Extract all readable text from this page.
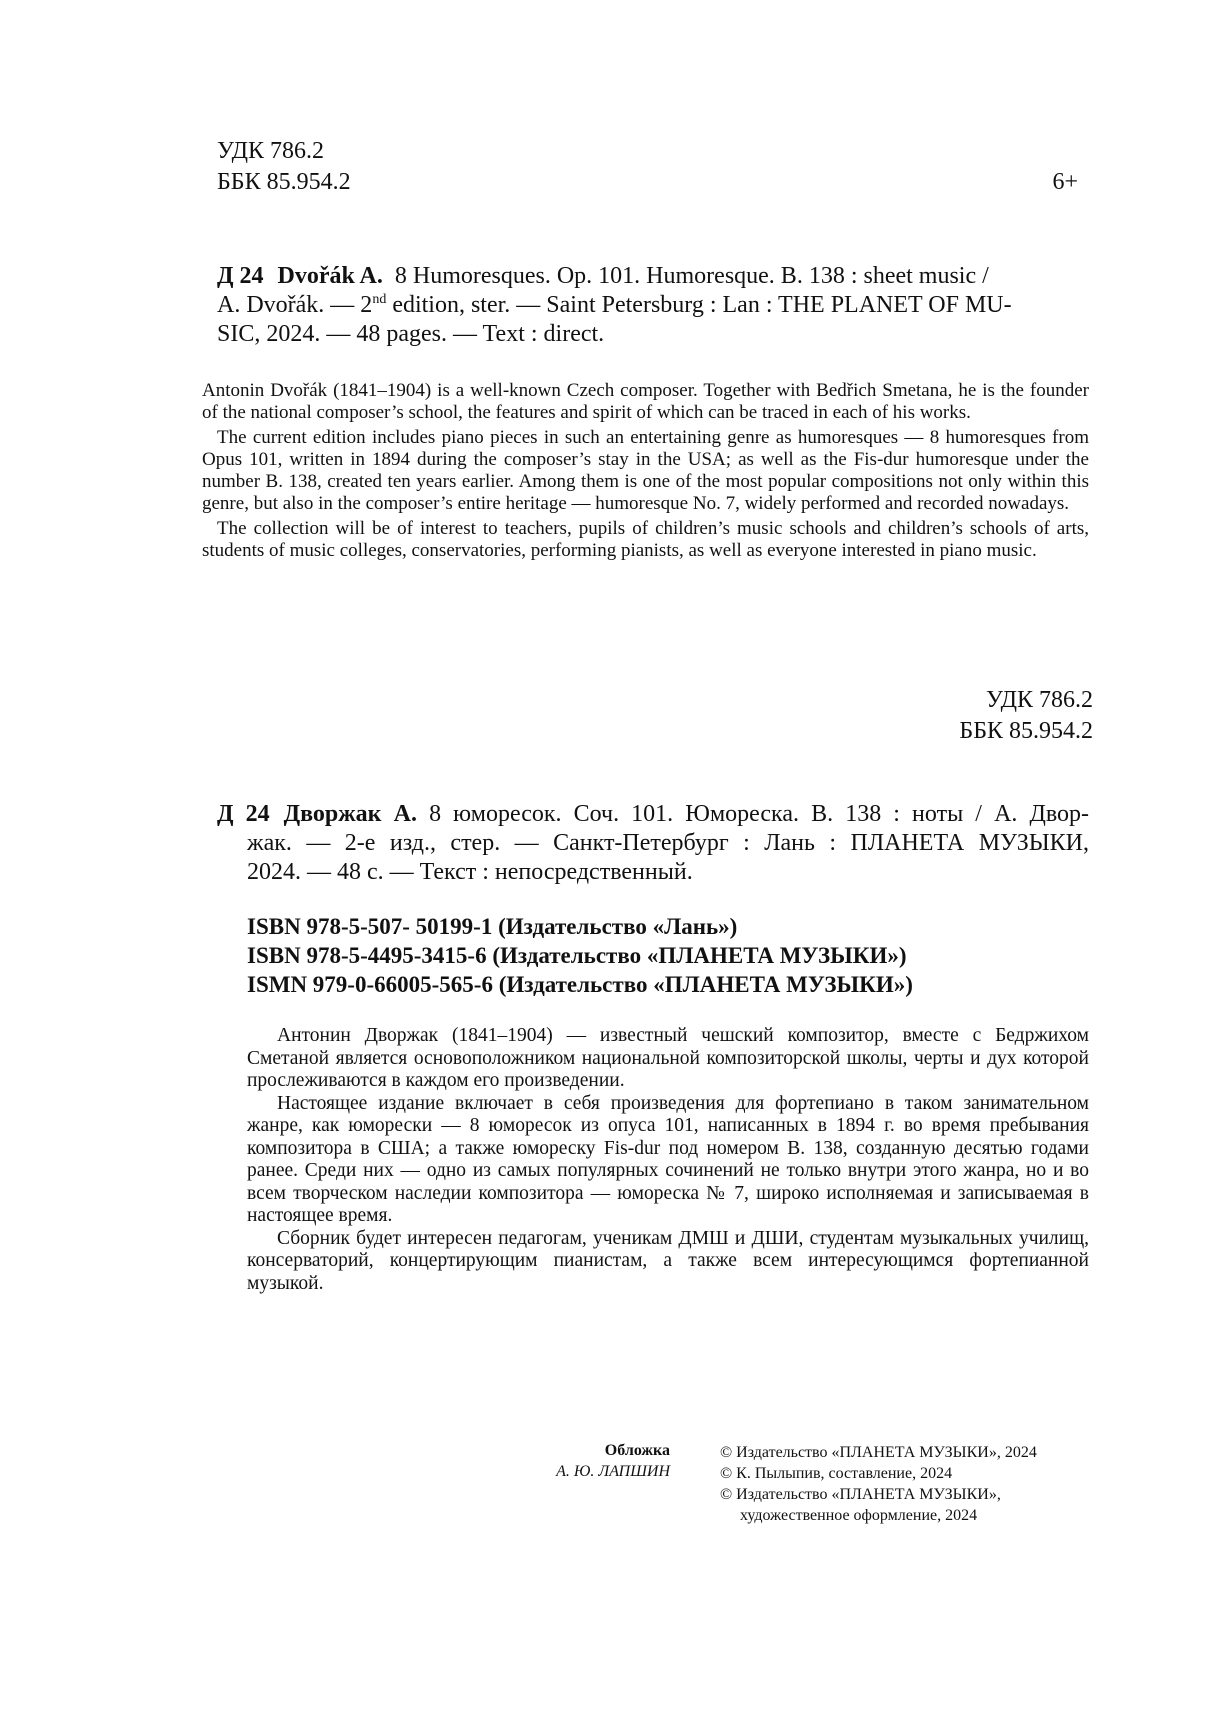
УДК 786.2
ББК 85.954.2	6+
Д 24 Dvořák A. 8 Humoresques. Op. 101. Humoresque. B. 138 : sheet music /
A. Dvořák. — 2nd edition, ster. — Saint Petersburg : Lan : THE PLANET OF MU-
SIC, 2024. — 48 pages. — Text : direct.

Antonin Dvořák (1841–1904) is a well-known Czech composer. Together with Bedřich Smetana, he is the founder of the national composer’s school, the features and spirit of which can be traced in each of his works.

The current edition includes piano pieces in such an entertaining genre as humoresques — 8 humoresques from Opus 101, written in 1894 during the composer’s stay in the USA; as well as the Fis-dur humoresque under the number B. 138, created ten years earlier. Among them is one of the most popular compositions not only within this genre, but also in the composer’s entire heritage — humoresque No. 7, widely performed and recorded nowadays.

The collection will be of interest to teachers, pupils of children’s music schools and children’s schools of arts, students of music colleges, conservatories, performing pianists, as well as everyone interested in piano music.

УДК 786.2
ББК 85.954.2
Д 24 Дворжак А. 8 юморесок. Соч. 101. Юмореска. B. 138 : ноты / А. Двор-
жак. — 2-е изд., стер. — Санкт-Петербург : Лань : ПЛАНЕТА МУЗЫКИ,
2024. — 48 с. — Текст : непосредственный.
ISBN 978-5-507- 50199-1 (Издательство «Лань»)
ISBN 978-5-4495-3415-6 (Издательство «ПЛАНЕТА МУЗЫКИ»)
ISMN 979-0-66005-565-6 (Издательство «ПЛАНЕТА МУЗЫКИ»)

Антонин Дворжак (1841–1904) — известный чешский композитор, вместе с Бедржихом Сметаной является основоположником национальной композиторской школы, черты и дух которой прослеживаются в каждом его произведении.

Настоящее издание включает в себя произведения для фортепиано в таком занимательном жанре, как юморески — 8 юморесок из опуса 101, написанных в 1894 г. во время пребывания композитора в США; а также юмореску Fis-dur под номером B. 138, созданную десятью годами ранее. Среди них — одно из самых популярных сочинений не только внутри этого жанра, но и во всем творческом наследии композитора — юмореска № 7, широко исполняемая и записываемая в настоящее время.

Сборник будет интересен педагогам, ученикам ДМШ и ДШИ, студентам музыкальных училищ, консерваторий, концертирующим пианистам, а также всем интересующимся фортепианной музыкой.

Обложка
А. Ю. ЛАПШИН
© Издательство «ПЛАНЕТА МУЗЫКИ», 2024
© К. Пылыпив, составление, 2024
© Издательство «ПЛАНЕТА МУЗЫКИ»,
художественное оформление, 2024
